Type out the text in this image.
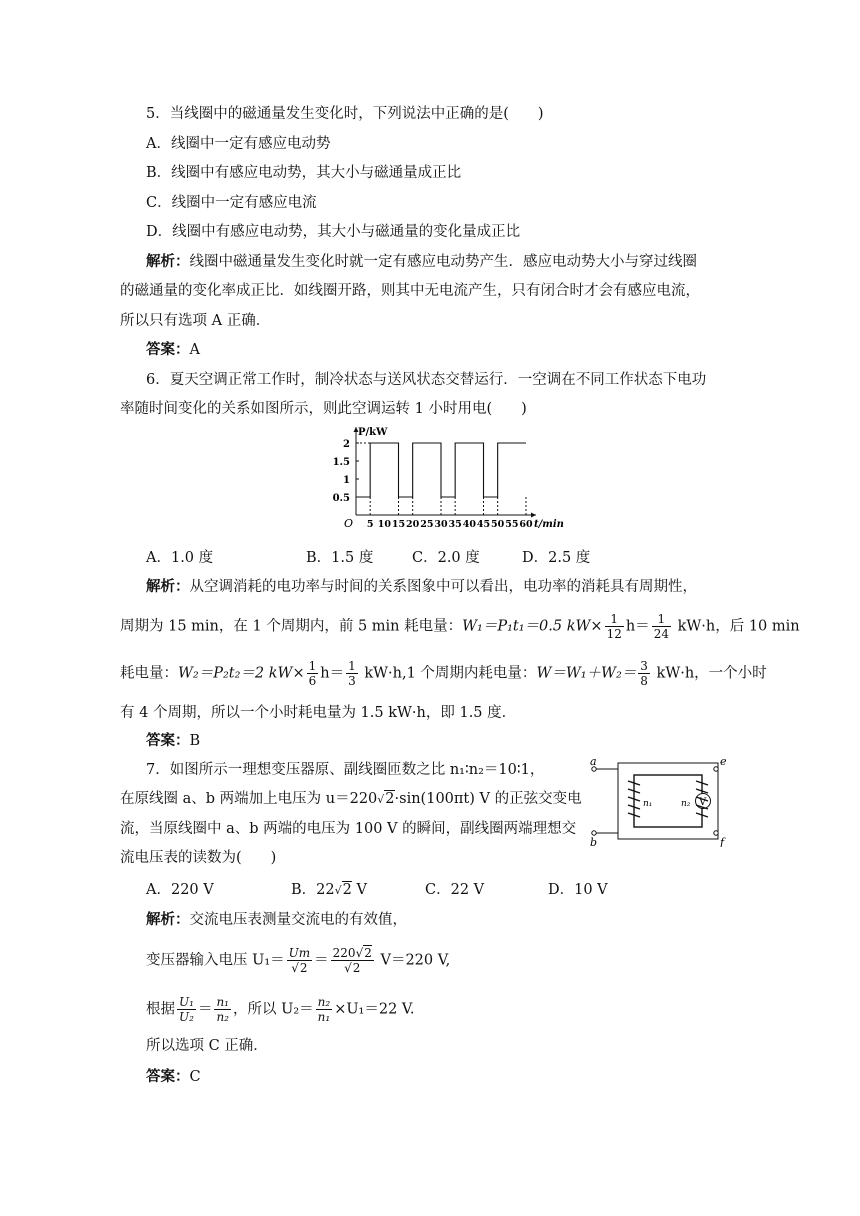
5．当线圈中的磁通量发生变化时，下列说法中正确的是(　　)
A．线圈中一定有感应电动势
B．线圈中有感应电动势，其大小与磁通量成正比
C．线圈中一定有感应电流
D．线圈中有感应电动势，其大小与磁通量的变化量成正比
解析：线圈中磁通量发生变化时就一定有感应电动势产生．感应电动势大小与穿过线圈
的磁通量的变化率成正比．如线圈开路，则其中无电流产生，只有闭合时才会有感应电流，
所以只有选项 A 正确．
答案：A
6．夏天空调正常工作时，制冷状态与送风状态交替运行．一空调在不同工作状态下电功
率随时间变化的关系如图所示，则此空调运转 1 小时用电(　　)
O
P/kW
t/min
0.5
1
1.5
2
5 10 15 20 25 30 35 40 45 50 55 60
A．1.0 度	B．1.5 度	C．2.0 度	D．2.5 度
解析：从空调消耗的电功率与时间的关系图象中可以看出，电功率的消耗具有周期性，
周期为 15 min，在 1 个周期内，前 5 min 耗电量：W₁＝P₁t₁＝0.5 $kW\times \frac{1}{12} h= \frac{1}{24} kW\cdot h$，后 10 min
耗电量：W₂＝P₂t₂＝2 $kW\times \frac{1}{6} h= \frac{1}{3} kW\cdot h,1$ 个周期内耗电量：$W=W_1+W_2= \frac{3}{8} kW\cdot h$，一个小时
有 4 个周期，所以一个小时耗电量为 1.5 kW·h，即 1.5 度．
答案：B
7．如图所示一理想变压器原、副线圈匝数之比 n₁∶n₂＝10∶1，
在原线圈 a、b 两端加上电压为 u＝220√2·sin(100πt) V 的正弦交变电
流，当原线圈中 a、b 两端的电压为 100 V 的瞬间，副线圈两端理想交
流电压表的读数为(　　)
a
b
e
f
n₁	n₂ V
A．220 V	B．22√2 V	C．22 V	D．10 V
解析：交流电压表测量交流电的有效值，
变压器输入电压 $U_1= \frac{Um}{√2} = \frac{220√2}{√2} V=220$ V,
根据 $\frac{\text{U₁}}{\text{U₂}} = \frac{\text{n₁}}{\text{n₂}}$ ，所以 $U_2= \frac{\text{n₂}}{\text{n₁}} \times U_1=22$ V.
所以选项 C 正确．
答案：C
